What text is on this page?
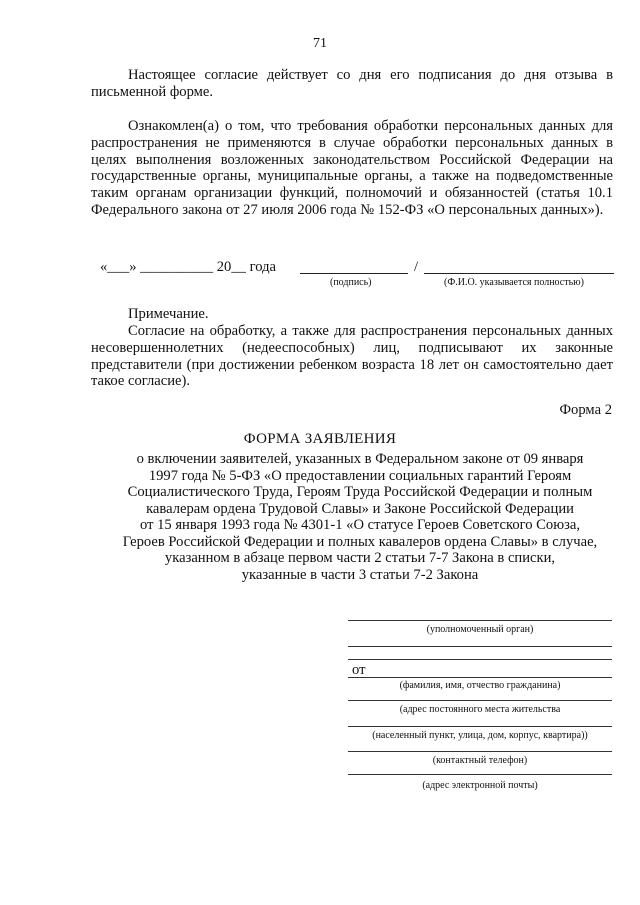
71
Настоящее согласие действует со дня его подписания до дня отзыва в письменной форме.
Ознакомлен(а) о том, что требования обработки персональных данных для распространения не применяются в случае обработки персональных данных в целях выполнения возложенных законодательством Российской Федерации на государственные органы, муниципальные органы, а также на подведомственные таким органам организации функций, полномочий и обязанностей (статья 10.1 Федерального закона от 27 июля 2006 года № 152-ФЗ «О персональных данных»).
«___» __________ 20__ года	/
(подпись)	(Ф.И.О. указывается полностью)
Примечание.
Согласие на обработку, а также для распространения персональных данных несовершеннолетних (недееспособных) лиц, подписывают их законные представители (при достижении ребенком возраста 18 лет он самостоятельно дает такое согласие).
Форма 2
ФОРМА ЗАЯВЛЕНИЯ
о включении заявителей, указанных в Федеральном законе от 09 января
1997 года № 5-ФЗ «О предоставлении социальных гарантий Героям
Социалистического Труда, Героям Труда Российской Федерации и полным
кавалерам ордена Трудовой Славы» и Законе Российской Федерации
от 15 января 1993 года № 4301-1 «О статусе Героев Советского Союза,
Героев Российской Федерации и полных кавалеров ордена Славы» в случае,
указанном в абзаце первом части 2 статьи 7-7 Закона в списки,
указанные в части 3 статьи 7-2 Закона
(уполномоченный орган)
от
(фамилия, имя, отчество гражданина)
(адрес постоянного места жительства
(населенный пункт, улица, дом, корпус, квартира))
(контактный телефон)
(адрес электронной почты)
